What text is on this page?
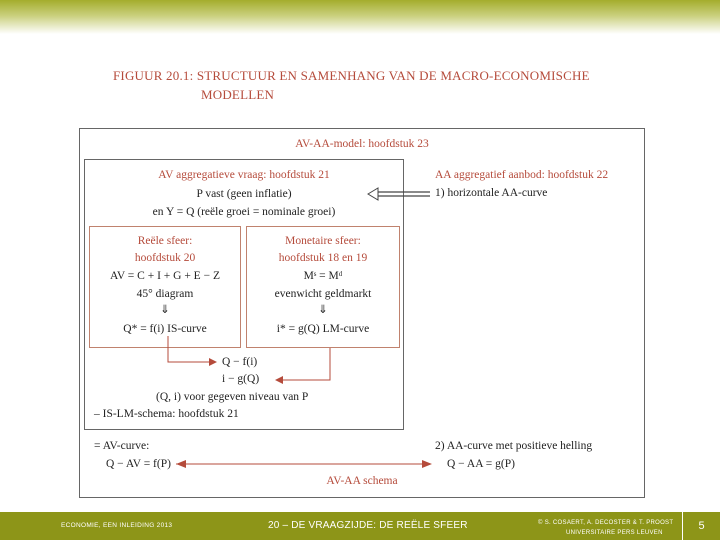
FIGUUR 20.1: STRUCTUUR EN SAMENHANG VAN DE MACRO-ECONOMISCHE
MODELLEN
AV-AA-model: hoofdstuk 23
AV aggregatieve vraag: hoofdstuk 21
P vast (geen inflatie)
en Y = Q (reële groei = nominale groei)
AA aggregatief aanbod: hoofdstuk 22
1) horizontale AA-curve
Reële sfeer:
hoofdstuk 20
AV = C + I + G + E − Z
45° diagram
⇓
Q* = f(i) IS-curve
Monetaire sfeer:
hoofdstuk 18 en 19
Mˢ = Mᵈ
evenwicht geldmarkt
⇓
i* = g(Q) LM-curve
Q − f(i)
i − g(Q)
(Q, i) voor gegeven niveau van P
– IS-LM-schema: hoofdstuk 21
= AV-curve:
Q − AV = f(P)
2) AA-curve met positieve helling
Q − AA = g(P)
AV-AA schema
ECONOMIE, EEN INLEIDING 2013	20 – DE VRAAGZIJDE: DE REËLE SFEER	© S. COSAERT, A. DECOSTER & T. PROOST
UNIVERSITAIRE PERS LEUVEN
5
